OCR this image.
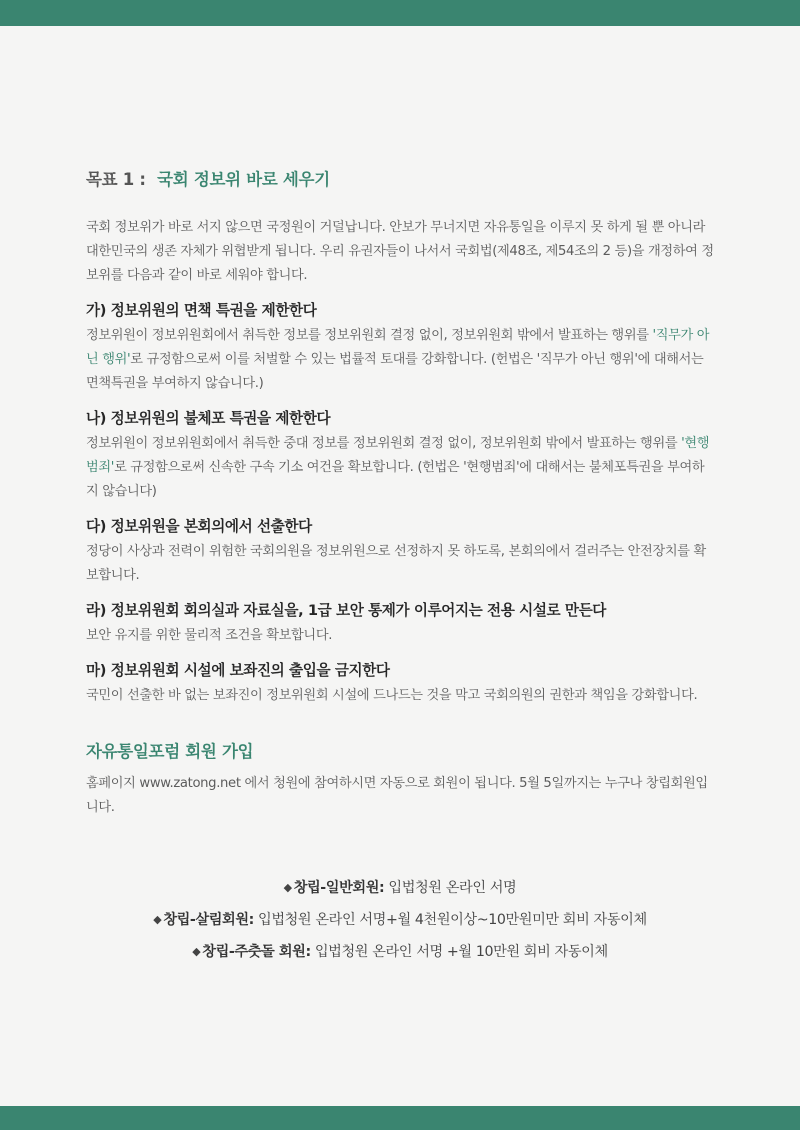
목표 1 : 국회 정보위 바로 세우기

국회 정보위가 바로 서지 않으면 국정원이 거덜납니다. 안보가 무너지면 자유통일을 이루지 못 하게 될 뿐 아니라 대한민국의 생존 자체가 위협받게 됩니다. 우리 유권자들이 나서서 국회법(제48조, 제54조의 2 등)을 개정하여 정보위를 다음과 같이 바로 세워야 합니다.

가) 정보위원의 면책 특권을 제한한다

정보위원이 정보위원회에서 취득한 정보를 정보위원회 결정 없이, 정보위원회 밖에서 발표하는 행위를 '직무가 아닌 행위'로 규정함으로써 이를 처벌할 수 있는 법률적 토대를 강화합니다. (헌법은 '직무가 아닌 행위'에 대해서는 면책특권을 부여하지 않습니다.)

나) 정보위원의 불체포 특권을 제한한다

정보위원이 정보위원회에서 취득한 중대 정보를 정보위원회 결정 없이, 정보위원회 밖에서 발표하는 행위를 '현행범죄'로 규정함으로써 신속한 구속 기소 여건을 확보합니다. (헌법은 '현행범죄'에 대해서는 불체포특권을 부여하지 않습니다)

다) 정보위원을 본회의에서 선출한다

정당이 사상과 전력이 위험한 국회의원을 정보위원으로 선정하지 못 하도록, 본회의에서 걸러주는 안전장치를 확보합니다.

라) 정보위원회 회의실과 자료실을, 1급 보안 통제가 이루어지는 전용 시설로 만든다

보안 유지를 위한 물리적 조건을 확보합니다.

마) 정보위원회 시설에 보좌진의 출입을 금지한다

국민이 선출한 바 없는 보좌진이 정보위원회 시설에 드나드는 것을 막고 국회의원의 권한과 책임을 강화합니다.

자유통일포럼 회원 가입

홈페이지 www.zatong.net 에서 청원에 참여하시면 자동으로 회원이 됩니다. 5월 5일까지는 누구나 창립회원입니다.

◆ 창립-일반회원: 입법청원 온라인 서명
◆ 창립-살림회원: 입법청원 온라인 서명+월 4천원이상~10만원미만 회비 자동이체
◆ 창립-주춧돌 회원: 입법청원 온라인 서명 +월 10만원 회비 자동이체
